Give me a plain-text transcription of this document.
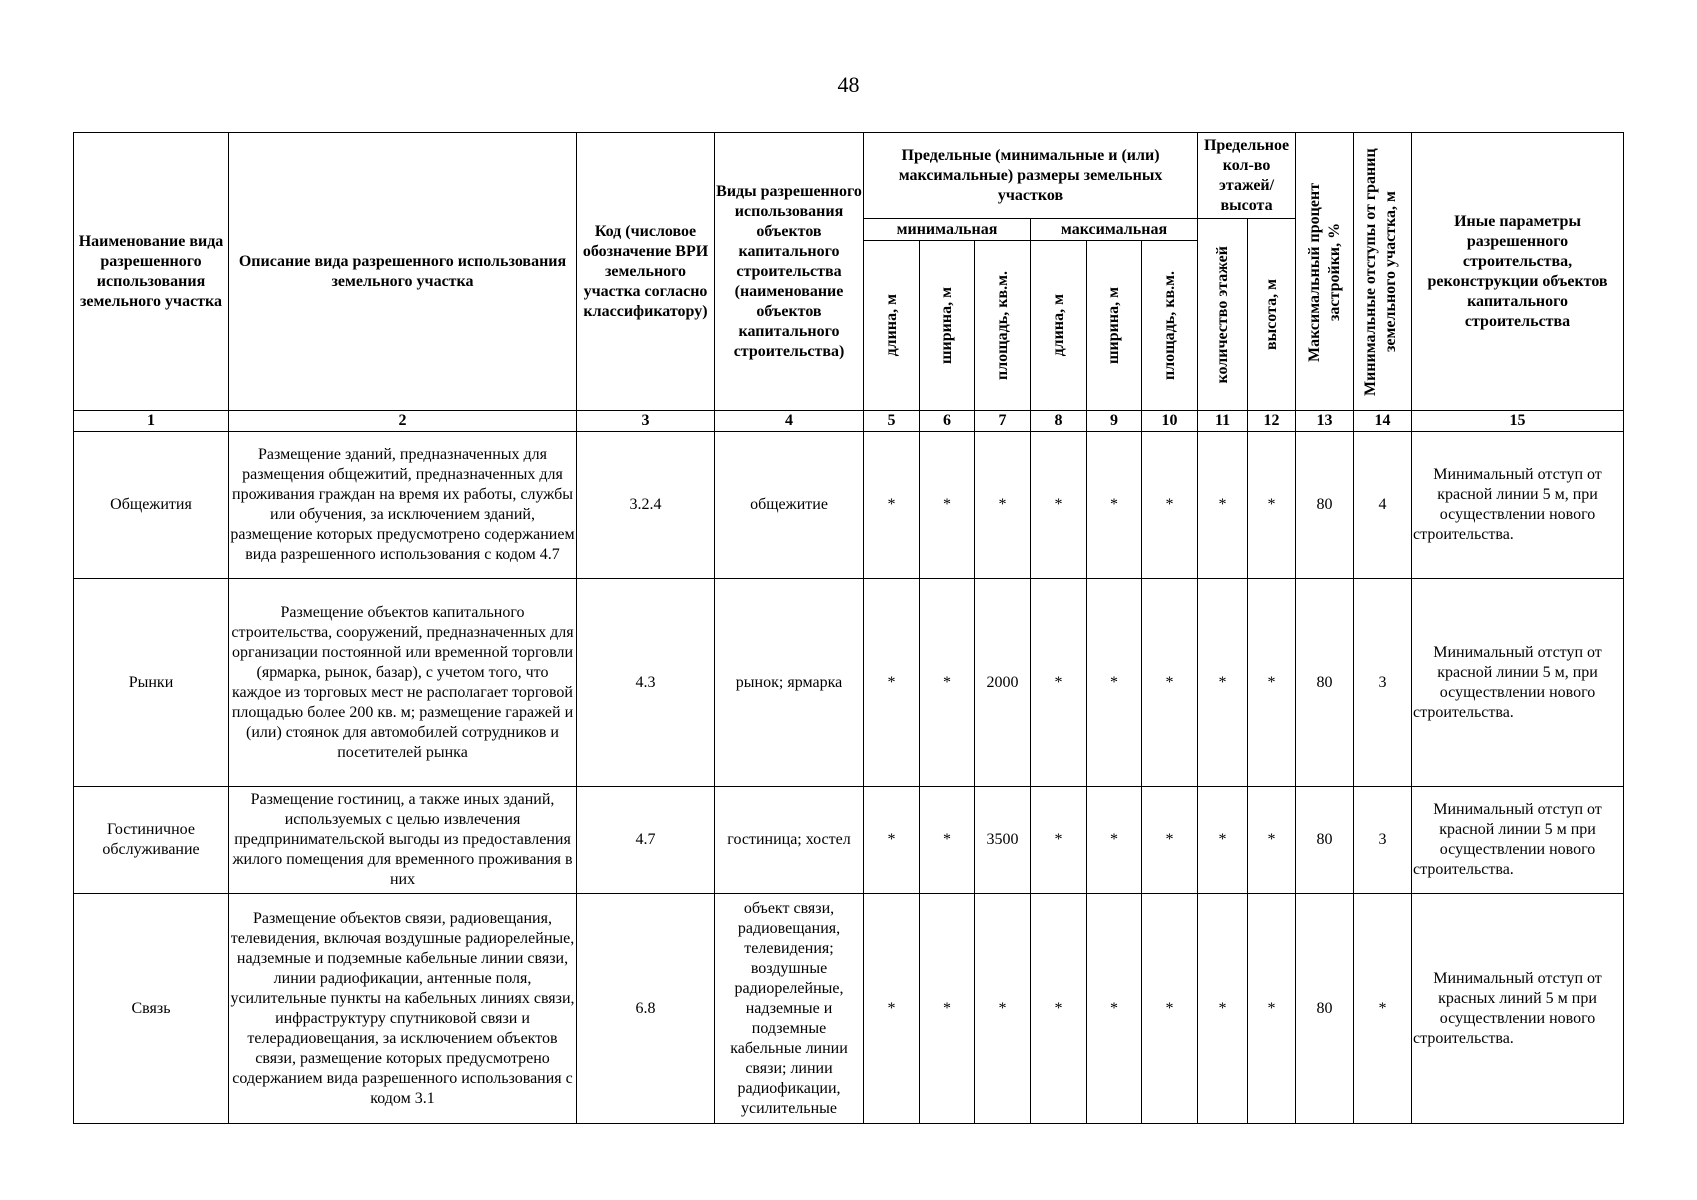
48
Наименование вида разрешенного использования земельного участка	Описание вида разрешенного использования земельного участка	Код (числовое обозначение ВРИ земельного участка согласно классификатору)	Виды разрешенного использования объектов капитального строительства (наименование объектов капитального строительства)	Предельные (минимальные и (или) максимальные) размеры земельных участков						Предельное кол-во этажей/ высота		Максимальный процент застройки, %	Минимальные отступы от границ земельного участка, м	Иные параметры разрешенного строительства, реконструкции объектов капитального строительства
				минимальная			максимальная			количество этажей	высота, м			

				длина, м	ширина, м	площадь, кв.м.	длина, м	ширина, м	площадь, кв.м.					

1	2	3	4	5	6	7	8	9	10	11	12	13	14	15
Общежития	Размещение зданий, предназначенных для размещения общежитий, предназначенных для проживания граждан на время их работы, службы или обучения, за исключением зданий, размещение которых предусмотрено содержанием вида разрешенного использования с кодом 4.7	3.2.4	общежитие	*	*	*	*	*	*	*	*	80	4	Минимальный отступ от красной линии 5 м, при осуществлении нового строительства.
Рынки	Размещение объектов капитального строительства, сооружений, предназначенных для организации постоянной или временной торговли (ярмарка, рынок, базар), с учетом того, что каждое из торговых мест не располагает торговой площадью более 200 кв. м; размещение гаражей и (или) стоянок для автомобилей сотрудников и посетителей рынка	4.3	рынок; ярмарка	*	*	2000	*	*	*	*	*	80	3	Минимальный отступ от красной линии 5 м, при осуществлении нового строительства.
Гостиничное обслуживание	Размещение гостиниц, а также иных зданий, используемых с целью извлечения предпринимательской выгоды из предоставления жилого помещения для временного проживания в них	4.7	гостиница; хостел	*	*	3500	*	*	*	*	*	80	3	Минимальный отступ от красной линии 5 м при осуществлении нового строительства.
Связь	Размещение объектов связи, радиовещания, телевидения, включая воздушные радиорелейные, надземные и подземные кабельные линии связи, линии радиофикации, антенные поля, усилительные пункты на кабельных линиях связи, инфраструктуру спутниковой связи и телерадиовещания, за исключением объектов связи, размещение которых предусмотрено содержанием вида разрешенного использования с кодом 3.1	6.8	объект связи, радиовещания, телевидения; воздушные радиорелейные, надземные и подземные кабельные линии связи; линии радиофикации, усилительные	*	*	*	*	*	*	*	*	80	*	Минимальный отступ от красных линий 5 м при осуществлении нового строительства.
